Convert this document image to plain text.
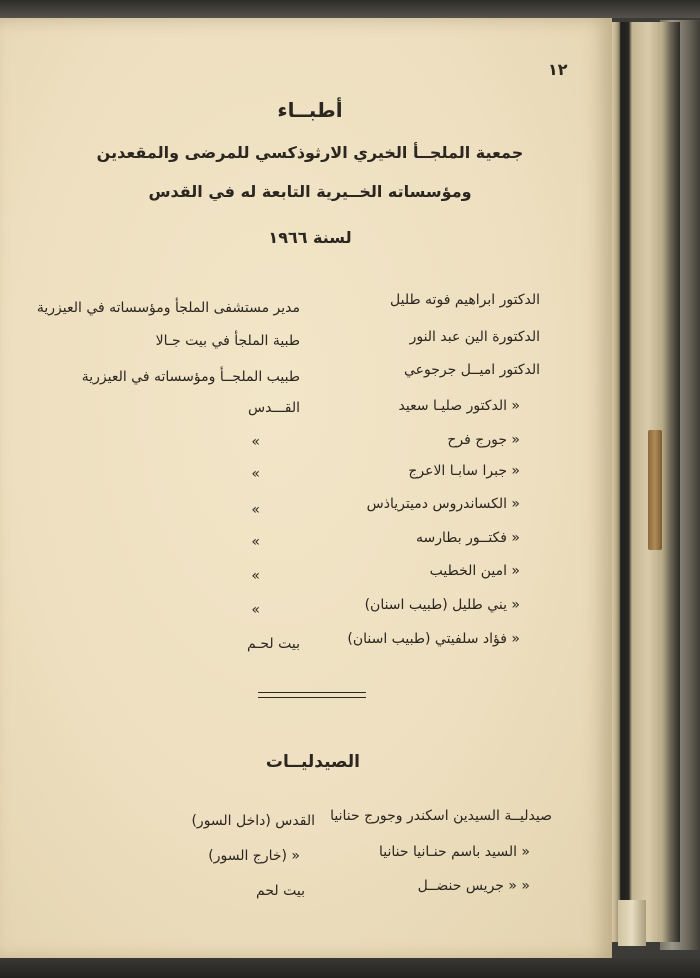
١٢
أطبــاء
جمعية الملجــأ الخيري الارثوذكسي للمرضى والمقعدين
ومؤسساته الخــيرية التابعة له في القدس
لسنة ١٩٦٦
الدكتور ابراهيم فوته طليل
مدير مستشفى الملجأ ومؤسساته في العيزرية
الدكتورة الين عبد النور
طبية الملجأ في بيت جـالا
الدكتور اميــل جرجوعي
طبيب الملجــأ ومؤسساته في العيزرية
« الدكتور صليـا سعيد
القـــدس
« جورج فرح
«
« جبرا سابـا الاعرج
«
« الكساندروس دميترياذس
«
« فكتــور بطارسه
«
« امين الخطيب
«
« يني طليل (طبيب اسنان)
«
« فؤاد سلفيتي (طبيب اسنان)
بيت لحـم
الصيدليــات
صيدليــة السيدين اسكندر وجورج حنانيا
القدس (داخل السور)
« السيد باسم حنـانيا حنانيا
« (خارج السور)
« « جريس حنضــل
بيت لحم
